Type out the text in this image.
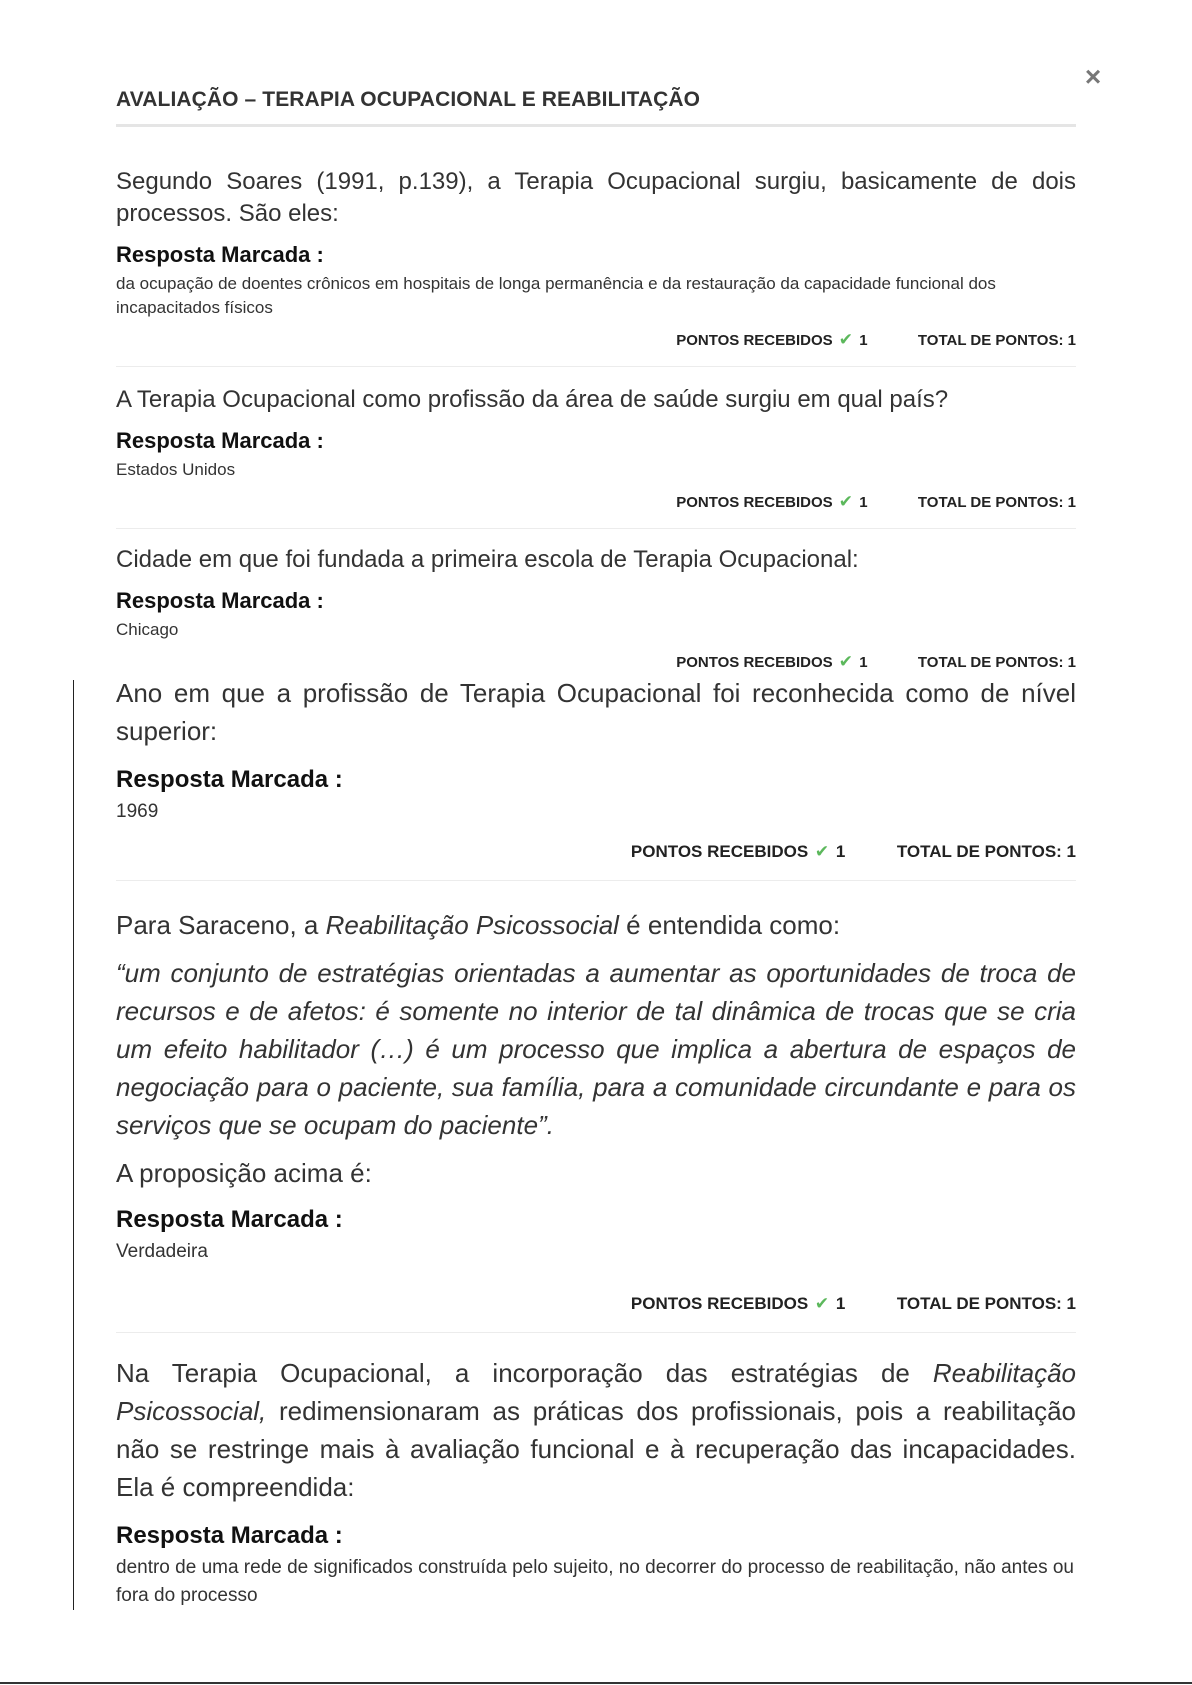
×
AVALIAÇÃO – TERAPIA OCUPACIONAL E REABILITAÇÃO

Segundo Soares (1991, p.139), a Terapia Ocupacional surgiu, basicamente de dois processos. São eles:

Resposta Marcada :

da ocupação de doentes crônicos em hospitais de longa permanência e da restauração da capacidade funcional dos incapacitados físicos

PONTOS RECEBIDOS ✔ 1	TOTAL DE PONTOS: 1

A Terapia Ocupacional como profissão da área de saúde surgiu em qual país?

Resposta Marcada :

Estados Unidos

PONTOS RECEBIDOS ✔ 1	TOTAL DE PONTOS: 1

Cidade em que foi fundada a primeira escola de Terapia Ocupacional:

Resposta Marcada :

Chicago

PONTOS RECEBIDOS ✔ 1	TOTAL DE PONTOS: 1

Ano em que a profissão de Terapia Ocupacional foi reconhecida como de nível superior:

Resposta Marcada :

1969

PONTOS RECEBIDOS ✔ 1	TOTAL DE PONTOS: 1

Para Saraceno, a Reabilitação Psicossocial é entendida como:

“um conjunto de estratégias orientadas a aumentar as oportunidades de troca de recursos e de afetos: é somente no interior de tal dinâmica de trocas que se cria um efeito habilitador (…) é um processo que implica a abertura de espaços de negociação para o paciente, sua família, para a comunidade circundante e para os serviços que se ocupam do paciente”.

A proposição acima é:

Resposta Marcada :

Verdadeira

PONTOS RECEBIDOS ✔ 1	TOTAL DE PONTOS: 1

Na Terapia Ocupacional, a incorporação das estratégias de Reabilitação Psicossocial, redimensionaram as práticas dos profissionais, pois a reabilitação não se restringe mais à avaliação funcional e à recuperação das incapacidades. Ela é compreendida:

Resposta Marcada :

dentro de uma rede de significados construída pelo sujeito, no decorrer do processo de reabilitação, não antes ou fora do processo
